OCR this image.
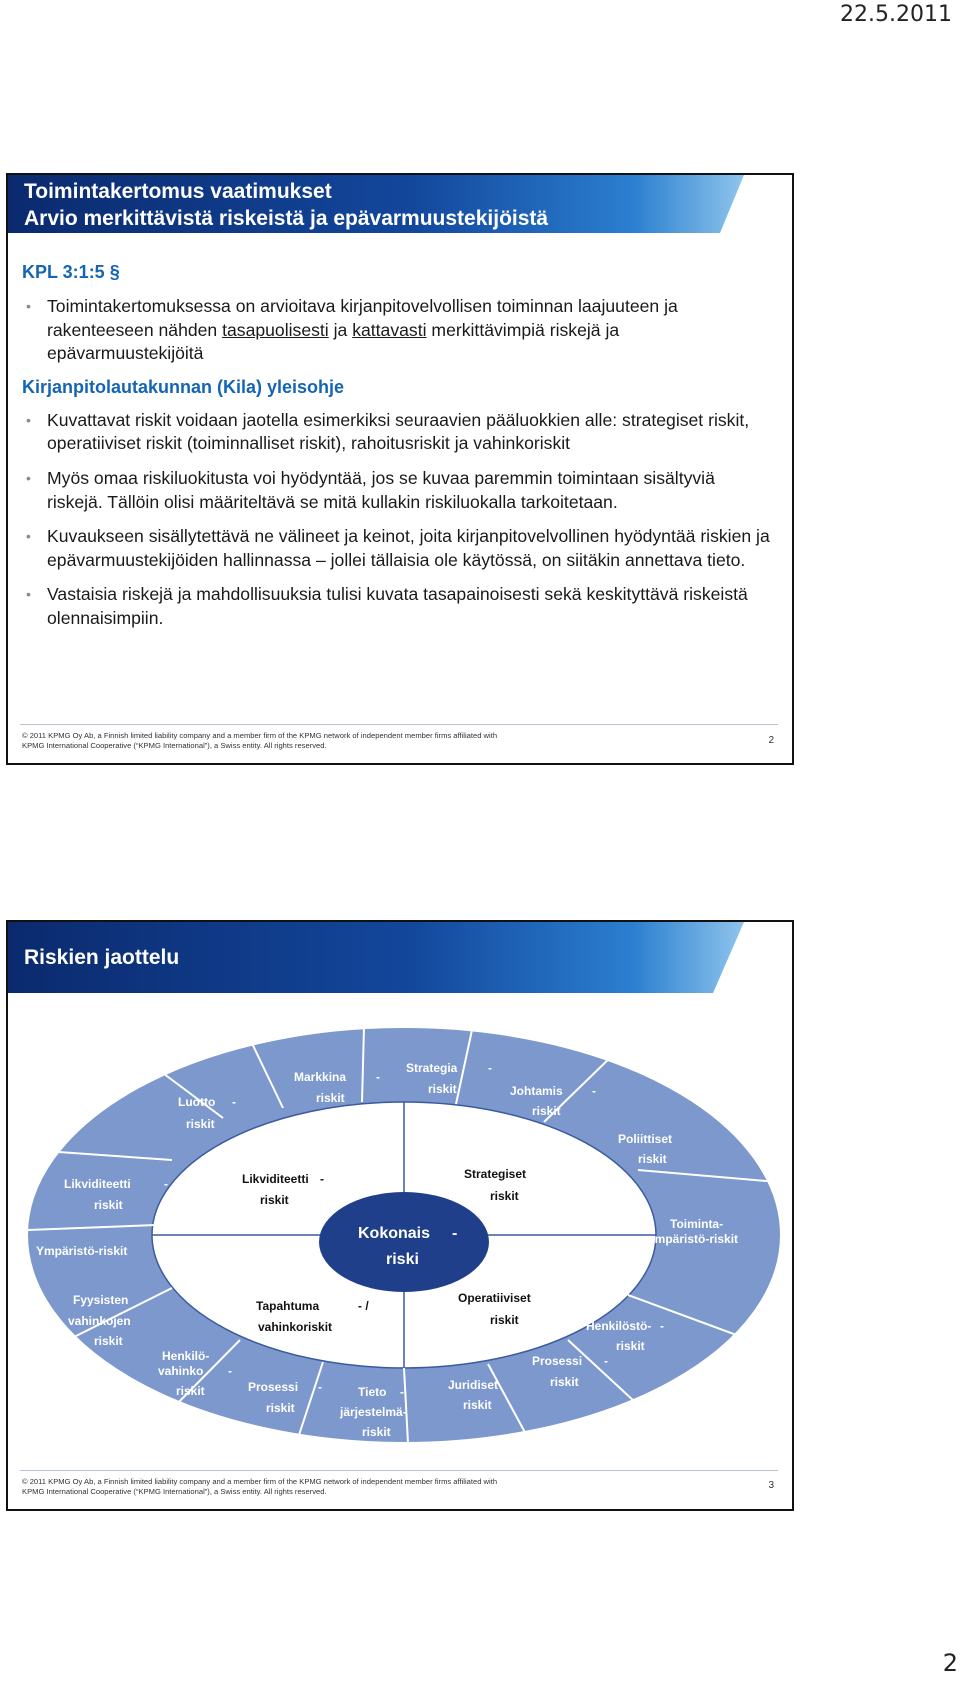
22.5.2011

Toimintakertomus vaatimukset

Arvio merkittävistä riskeistä ja epävarmuustekijöistä

KPL 3:1:5 §

• Toimintakertomuksessa on arvioitava kirjanpitovelvollisen toiminnan laajuuteen ja rakenteeseen nähden tasapuolisesti ja kattavasti merkittävimpiä riskejä ja epävarmuustekijöitä

Kirjanpitolautakunnan (Kila) yleisohje

• Kuvattavat riskit voidaan jaotella esimerkiksi seuraavien pääluokkien alle: strategiset riskit, operatiiviset riskit (toiminnalliset riskit), rahoitusriskit ja vahinkoriskit
• Myös omaa riskiluokitusta voi hyödyntää, jos se kuvaa paremmin toimintaan sisältyviä riskejä. Tällöin olisi määriteltävä se mitä kullakin riskiluokalla tarkoitetaan.
• Kuvaukseen sisällytettävä ne välineet ja keinot, joita kirjanpitovelvollinen hyödyntää riskien ja epävarmuustekijöiden hallinnassa – jollei tällaisia ole käytössä, on siitäkin annettava tieto.
• Vastaisia riskejä ja mahdollisuuksia tulisi kuvata tasapainoisesti sekä keskityttävä riskeistä olennaisimpiin.
© 2011 KPMG Oy Ab, a Finnish limited liability company and a member firm of the KPMG network of independent member firms affiliated with
KPMG International Cooperative (“KPMG International”), a Swiss entity. All rights reserved.	2

Riskien jaottelu

Kokonais -
riski
Likviditeetti -
riskit
Strategiset
riskit
Tapahtuma	- /
vahinkoriskit
Operatiiviset
riskit
Luotto -
riskit
Markkina -
riskit
Strategia	-
riskit	Johtamis -
riskit
Poliittiset
riskit
Toiminta-
ympäristö-riskit
Likviditeetti	-
riskit
Ympäristö-riskit
Fyysisten
vahinkojen
riskit
Henkilö-
vahinko -
riskit	Prosessi -
riskit
Tieto -
järjestelmä-
riskit
Juridiset
riskit
Prosessi -
riskit
Henkilöstö- -
riskit
© 2011 KPMG Oy Ab, a Finnish limited liability company and a member firm of the KPMG network of independent member firms affiliated with
KPMG International Cooperative (“KPMG International”), a Swiss entity. All rights reserved.
3
2
